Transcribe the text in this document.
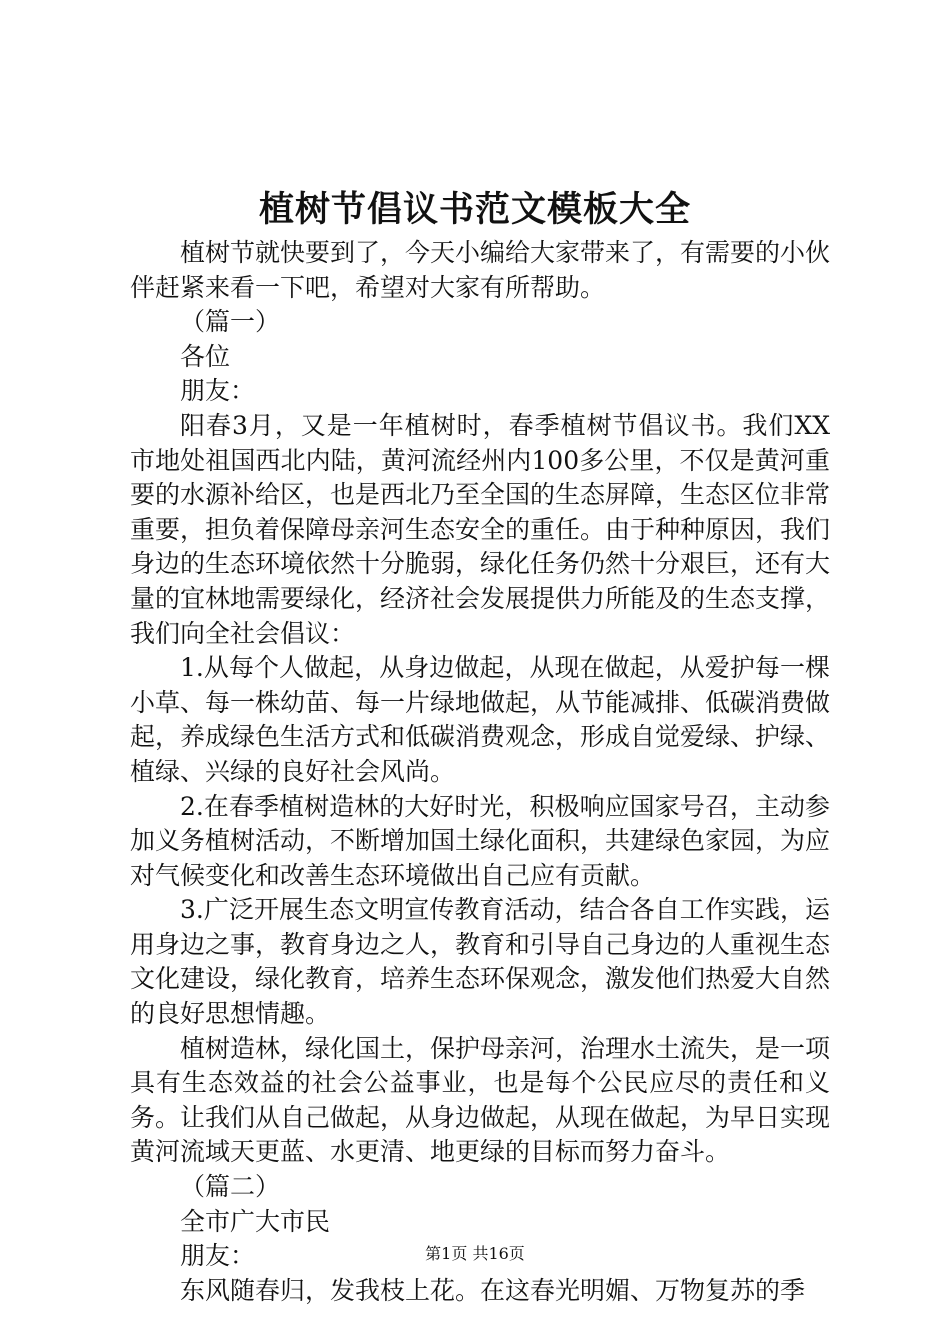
植树节倡议书范文模板大全

植树节就快要到了，今天小编给大家带来了，有需要的小伙伴赶紧来看一下吧，希望对大家有所帮助。

（篇一）

各位

朋友：

阳春3月，又是一年植树时，春季植树节倡议书。我们XX市地处祖国西北内陆，黄河流经州内100多公里，不仅是黄河重要的水源补给区，也是西北乃至全国的生态屏障，生态区位非常重要，担负着保障母亲河生态安全的重任。由于种种原因，我们身边的生态环境依然十分脆弱，绿化任务仍然十分艰巨，还有大量的宜林地需要绿化，经济社会发展提供力所能及的生态支撑，我们向全社会倡议：

1.从每个人做起，从身边做起，从现在做起，从爱护每一棵小草、每一株幼苗、每一片绿地做起，从节能减排、低碳消费做起，养成绿色生活方式和低碳消费观念，形成自觉爱绿、护绿、植绿、兴绿的良好社会风尚。

2.在春季植树造林的大好时光，积极响应国家号召，主动参加义务植树活动，不断增加国土绿化面积，共建绿色家园，为应对气候变化和改善生态环境做出自己应有贡献。

3.广泛开展生态文明宣传教育活动，结合各自工作实践，运用身边之事，教育身边之人，教育和引导自己身边的人重视生态文化建设，绿化教育，培养生态环保观念，激发他们热爱大自然的良好思想情趣。

植树造林，绿化国土，保护母亲河，治理水土流失，是一项具有生态效益的社会公益事业，也是每个公民应尽的责任和义务。让我们从自己做起，从身边做起，从现在做起，为早日实现黄河流域天更蓝、水更清、地更绿的目标而努力奋斗。

（篇二）

全市广大市民

朋友：

东风随春归，发我枝上花。在这春光明媚、万物复苏的季

第1页 共16页
